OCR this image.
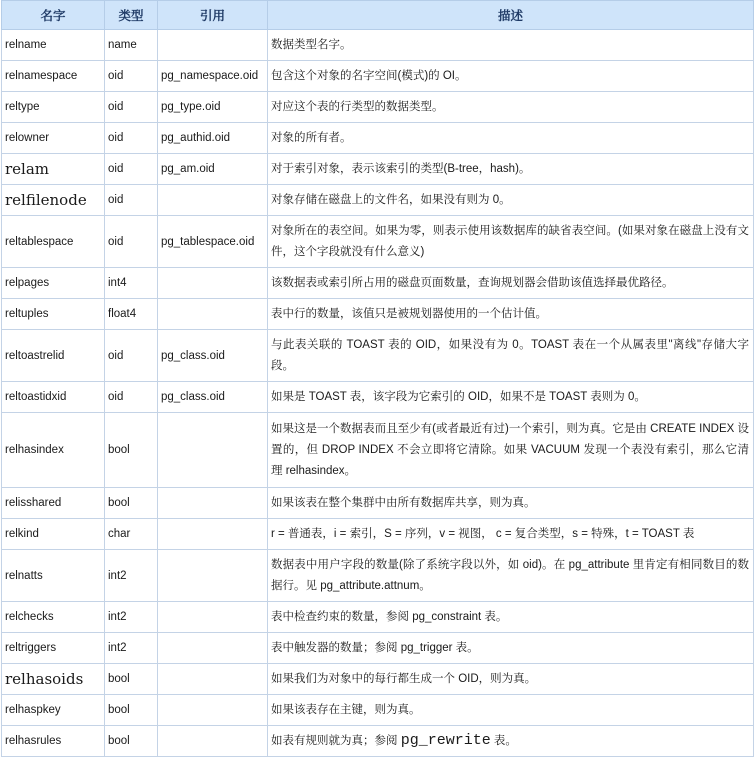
名字	类型	引用	描述
relname	name		数据类型名字。
relnamespace	oid	pg_namespace.oid	包含这个对象的名字空间(模式)的 OI。
reltype	oid	pg_type.oid	对应这个表的行类型的数据类型。
relowner	oid	pg_authid.oid	对象的所有者。
relam	oid	pg_am.oid	对于索引对象，表示该索引的类型(B-tree，hash)。
relfilenode	oid		对象存储在磁盘上的文件名，如果没有则为 0。
reltablespace	oid	pg_tablespace.oid	对象所在的表空间。如果为零，则表示使用该数据库的缺省表空间。(如果对象在磁盘上没有文件，这个字段就没有什么意义)
relpages	int4		该数据表或索引所占用的磁盘页面数量，查询规划器会借助该值选择最优路径。
reltuples	float4		表中行的数量，该值只是被规划器使用的一个估计值。
reltoastrelid	oid	pg_class.oid	与此表关联的 TOAST 表的 OID，如果没有为 0。TOAST 表在一个从属表里"离线"存储大字段。
reltoastidxid	oid	pg_class.oid	如果是 TOAST 表，该字段为它索引的 OID，如果不是 TOAST 表则为 0。
relhasindex	bool		如果这是一个数据表而且至少有(或者最近有过)一个索引，则为真。它是由 CREATE INDEX 设置的，但 DROP INDEX 不会立即将它清除。如果 VACUUM 发现一个表没有索引，那么它清理 relhasindex。
relisshared	bool		如果该表在整个集群中由所有数据库共享，则为真。
relkind	char		r = 普通表，i = 索引，S = 序列，v = 视图， c = 复合类型，s = 特殊，t = TOAST 表
relnatts	int2		数据表中用户字段的数量(除了系统字段以外，如 oid)。在 pg_attribute 里肯定有相同数目的数据行。见 pg_attribute.attnum。
relchecks	int2		表中检查约束的数量，参阅 pg_constraint 表。
reltriggers	int2		表中触发器的数量；参阅 pg_trigger 表。
relhasoids	bool		如果我们为对象中的每行都生成一个 OID，则为真。
relhaspkey	bool		如果该表存在主键，则为真。
relhasrules	bool		如表有规则就为真；参阅 pg_rewrite 表。
